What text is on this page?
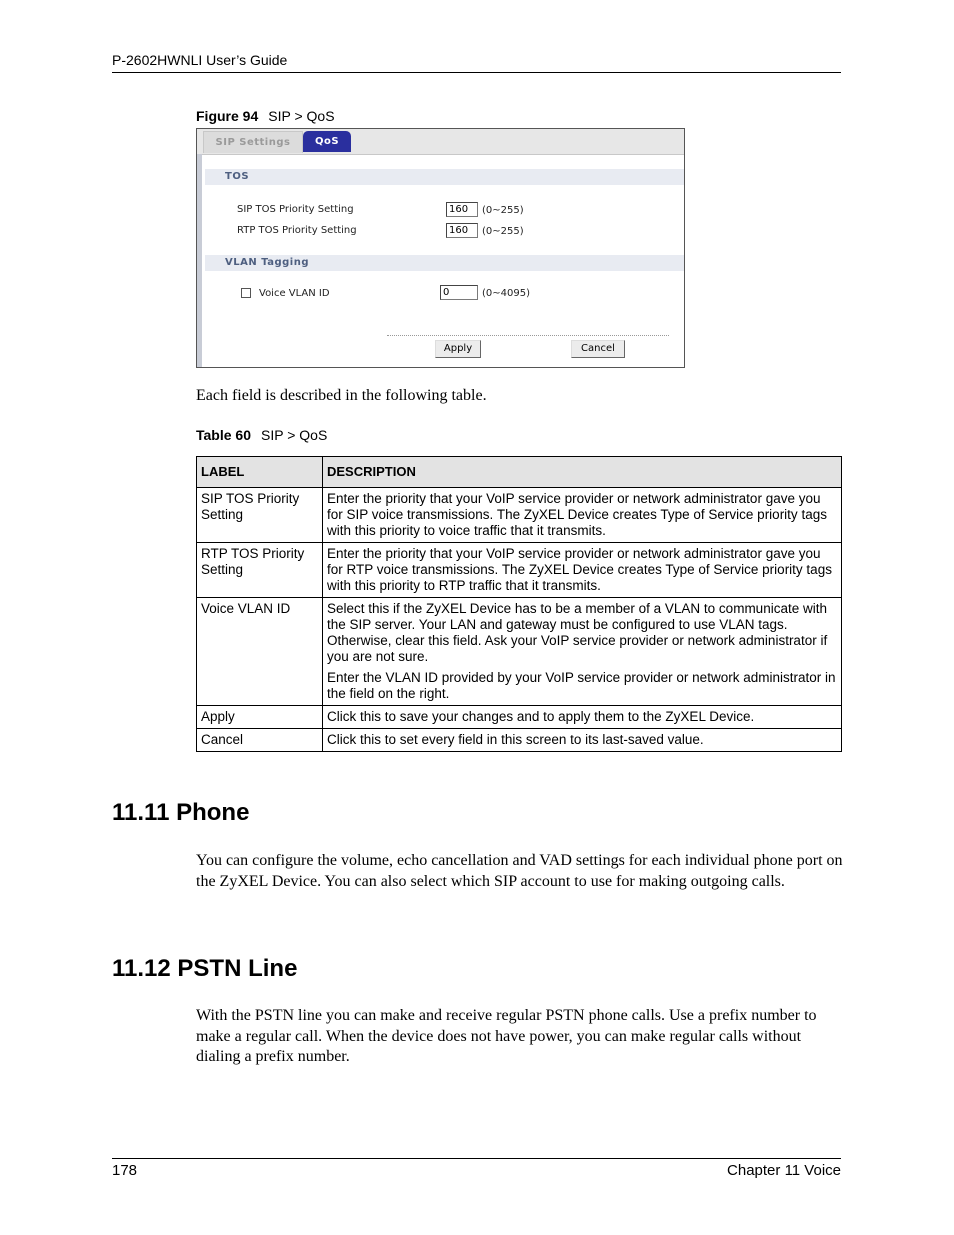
P-2602HWNLI User’s Guide
Figure 94 SIP > QoS
SIP Settings	QoS
TOS
SIP TOS Priority Setting	160	(0~255)
RTP TOS Priority Setting	160	(0~255)
VLAN Tagging
Voice VLAN ID	0	(0~4095)
Apply	Cancel
Each field is described in the following table.
Table 60 SIP > QoS
LABEL	DESCRIPTION
SIP TOS Priority Setting	Enter the priority that your VoIP service provider or network administrator gave you for SIP voice transmissions. The ZyXEL Device creates Type of Service priority tags with this priority to voice traffic that it transmits.

RTP TOS Priority Setting	Enter the priority that your VoIP service provider or network administrator gave you for RTP voice transmissions. The ZyXEL Device creates Type of Service priority tags with this priority to RTP traffic that it transmits.

Voice VLAN ID	Select this if the ZyXEL Device has to be a member of a VLAN to communicate with the SIP server. Your LAN and gateway must be configured to use VLAN tags. Otherwise, clear this field. Ask your VoIP service provider or network administrator if you are not sure.

Enter the VLAN ID provided by your VoIP service provider or network administrator in the field on the right.

Apply	Click this to save your changes and to apply them to the ZyXEL Device.

Cancel	Click this to set every field in this screen to its last-saved value.

11.11 Phone
You can configure the volume, echo cancellation and VAD settings for each individual phone port on the ZyXEL Device. You can also select which SIP account to use for making outgoing calls.
11.12 PSTN Line
With the PSTN line you can make and receive regular PSTN phone calls. Use a prefix number to make a regular call. When the device does not have power, you can make regular calls without dialing a prefix number.
178	Chapter 11 Voice
